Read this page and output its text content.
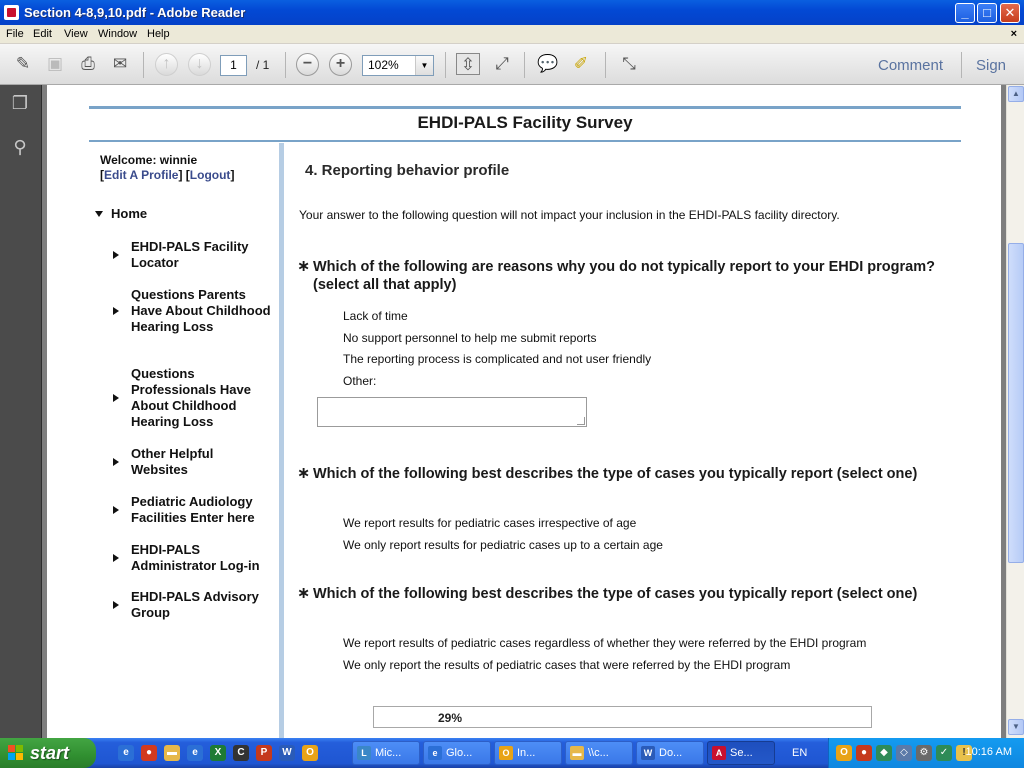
Section 4-8,9,10.pdf - Adobe Reader	_	□	✕
File Edit View Window Help	×
✎ ▣	⎙	✉	↑	↓	1	/ 1	−	+	102%	▼ ⇳	⤢	💬 ✐	⤡	Comment Sign
❐
⚲
EHDI-PALS Facility Survey
Welcome: winnie
[Edit A Profile] [Logout]
Home
EHDI-PALS Facility Locator
Questions Parents Have About Childhood Hearing Loss
Questions Professionals Have About Childhood Hearing Loss
Other Helpful Websites
Pediatric Audiology Facilities Enter here
EHDI-PALS Administrator Log-in
EHDI-PALS Advisory Group
4. Reporting behavior profile
Your answer to the following question will not impact your inclusion in the EHDI-PALS facility directory.
∗ Which of the following are reasons why you do not typically report to your EHDI program? (select all that apply)
Lack of time
No support personnel to help me submit reports
The reporting process is complicated and not user friendly
Other:
∗ Which of the following best describes the type of cases you typically report (select one)
We report results for pediatric cases irrespective of age
We only report results for pediatric cases up to a certain age
∗ Which of the following best describes the type of cases you typically report (select one)
We report results of pediatric cases regardless of whether they were referred by the EHDI program
We only report the results of pediatric cases that were referred by the EHDI program
29%
▲
▼
start	e	●	▬	e	X	C	P	W	O	L Mic...	e Glo...	O In...	▬ \\c...	W Do...	A Se...	EN	O	●	◆	◇	⚙	✓	! 10:16 AM
